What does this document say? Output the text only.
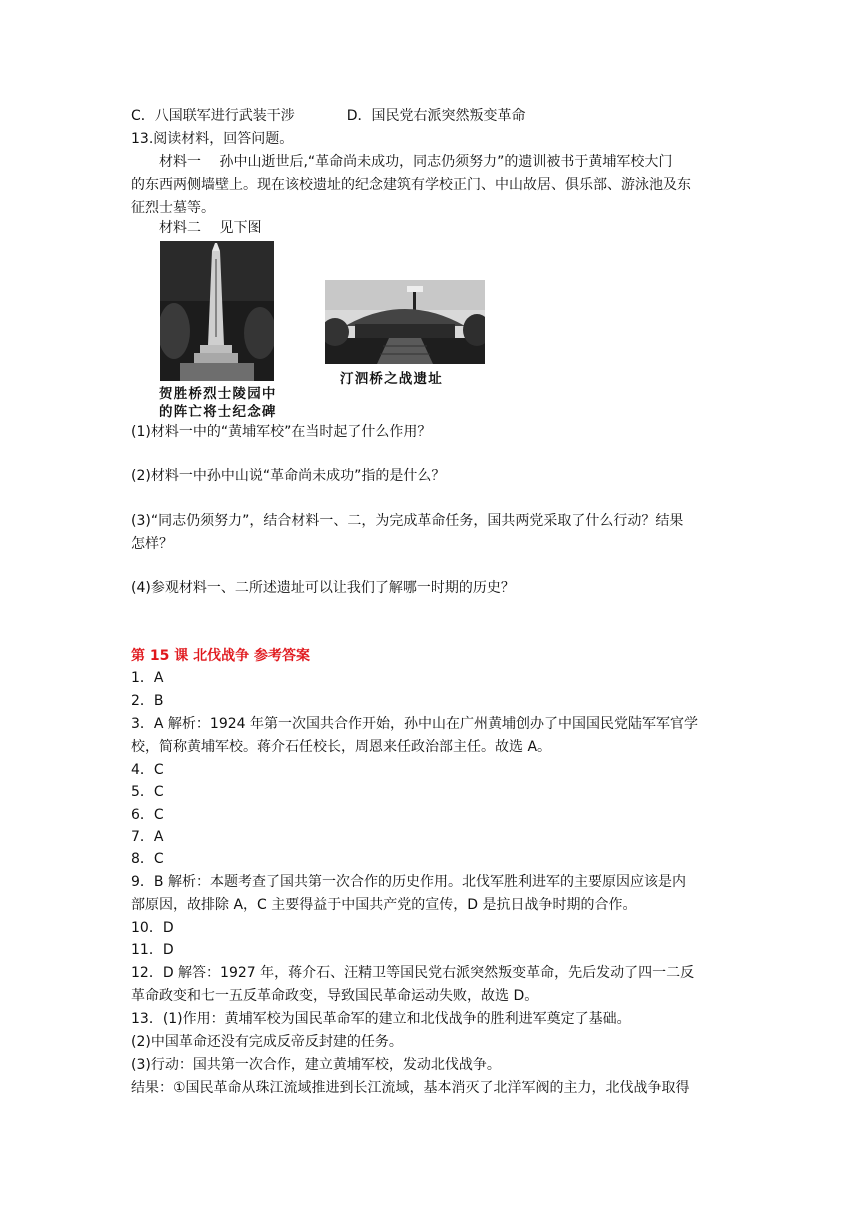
C．八国联军进行武装干涉	D．国民党右派突然叛变革命
13.阅读材料，回答问题。
材料一　 孙中山逝世后,“革命尚未成功，同志仍须努力”的遗训被书于黄埔军校大门
的东西两侧墙壁上。现在该校遗址的纪念建筑有学校正门、中山故居、俱乐部、游泳池及东
征烈士墓等。
材料二　 见下图
贺胜桥烈士陵园中
的阵亡将士纪念碑
汀泗桥之战遗址
(1)材料一中的“黄埔军校”在当时起了什么作用？
(2)材料一中孙中山说“革命尚未成功”指的是什么？
(3)“同志仍须努力”，结合材料一、二，为完成革命任务，国共两党采取了什么行动？结果
怎样？
(4)参观材料一、二所述遗址可以让我们了解哪一时期的历史？
第 15 课 北伐战争 参考答案
1．A
2．B
3．A 解析：1924 年第一次国共合作开始，孙中山在广州黄埔创办了中国国民党陆军军官学
校，简称黄埔军校。蒋介石任校长，周恩来任政治部主任。故选 A。
4．C
5．C
6．C
7．A
8．C
9．B 解析：本题考查了国共第一次合作的历史作用。北伐军胜利进军的主要原因应该是内
部原因，故排除 A，C 主要得益于中国共产党的宣传，D 是抗日战争时期的合作。
10．D
11．D
12．D 解答：1927 年，蒋介石、汪精卫等国民党右派突然叛变革命，先后发动了四一二反
革命政变和七一五反革命政变，导致国民革命运动失败，故选 D。
13．(1)作用：黄埔军校为国民革命军的建立和北伐战争的胜利进军奠定了基础。
(2)中国革命还没有完成反帝反封建的任务。
(3)行动：国共第一次合作，建立黄埔军校，发动北伐战争。
结果：①国民革命从珠江流域推进到长江流域，基本消灭了北洋军阀的主力，北伐战争取得
